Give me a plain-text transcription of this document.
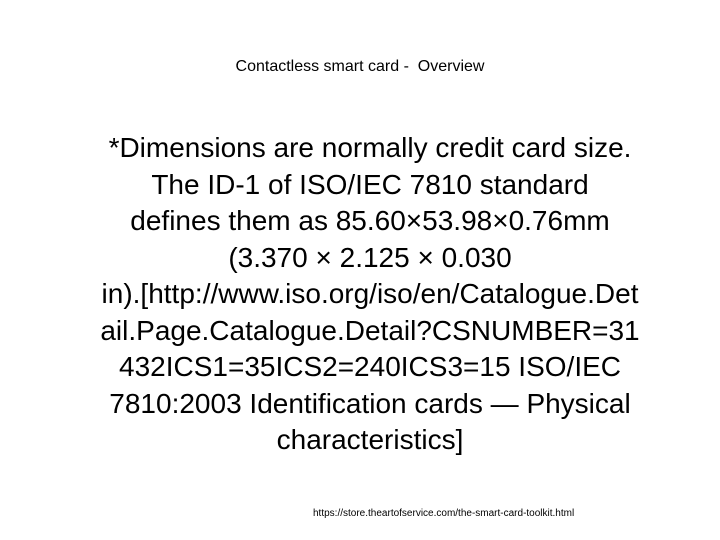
Contactless smart card -  Overview
*Dimensions are normally credit card size.
The ID-1 of ISO/IEC 7810 standard
defines them as 85.60×53.98×0.76mm
(3.370 × 2.125 × 0.030
in).[http://www.iso.org/iso/en/Catalogue.Det
ail.Page.Catalogue.Detail?CSNUMBER=31
432ICS1=35ICS2=240ICS3=15 ISO/IEC
7810:2003 Identification cards — Physical
characteristics]
https://store.theartofservice.com/the-smart-card-toolkit.html
